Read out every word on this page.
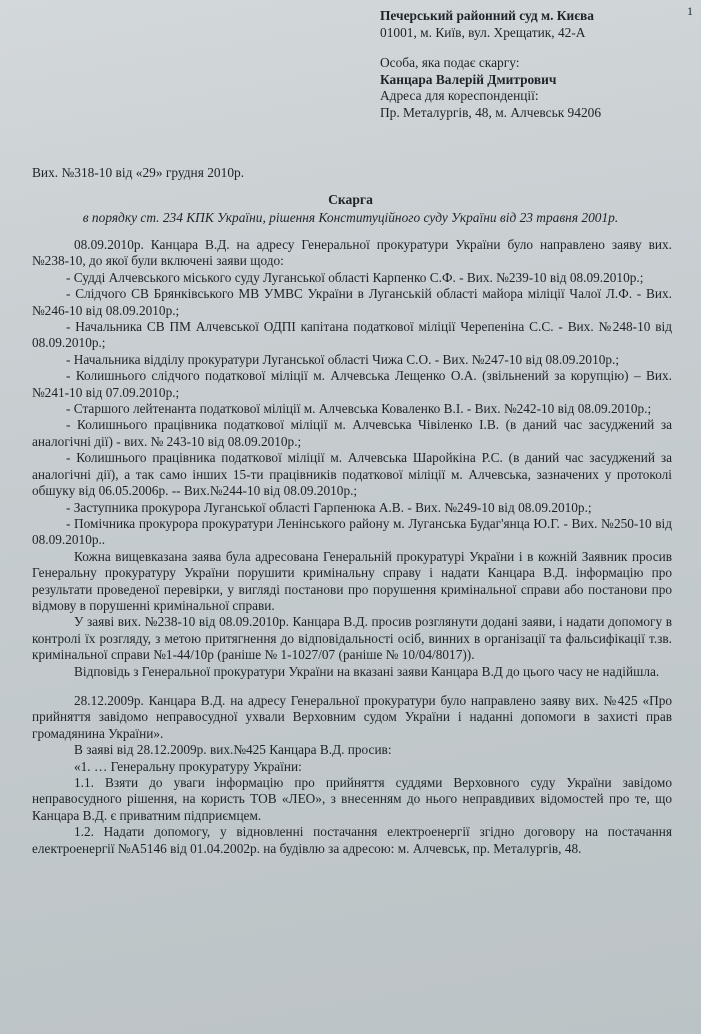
1
Печерський районний суд м. Києва
01001, м. Київ, вул. Хрещатик, 42-А
Особа, яка подає скаргу:
Канцара Валерій Дмитрович
Адреса для кореспонденції:
Пр. Металургів, 48, м. Алчевськ 94206
Вих. №318-10 від «29» грудня 2010р.
Скарга
в порядку ст. 234 КПК України, рішення Конституційного суду України від 23 травня 2001р.

08.09.2010р. Канцара В.Д. на адресу Генеральної прокуратури України було направлено заяву вих. №238-10, до якої були включені заяви щодо:

- Судді Алчевського міського суду Луганської області Карпенко С.Ф. - Вих. №239-10 від 08.09.2010р.;

- Слідчого СВ Брянківського МВ УМВС України в Луганській області майора міліції Чалої Л.Ф. - Вих. №246-10 від 08.09.2010р.;

- Начальника СВ ПМ Алчевської ОДПІ капітана податкової міліції Черепеніна С.С. - Вих. №248-10 від 08.09.2010р.;

- Начальника відділу прокуратури Луганської області Чижа С.О. - Вих. №247-10 від 08.09.2010р.;

- Колишнього слідчого податкової міліції м. Алчевська Лещенко О.А. (звільнений за корупцію) – Вих.№241-10 від 07.09.2010р.;

- Старшого лейтенанта податкової міліції м. Алчевська Коваленко В.І. - Вих. №242-10 від 08.09.2010р.;

- Колишнього працівника податкової міліції м. Алчевська Чівіленко І.В. (в даний час засуджений за аналогічні дії) - вих. № 243-10 від 08.09.2010р.;

- Колишнього працівника податкової міліції м. Алчевська Шаройкіна Р.С. (в даний час засуджений за аналогічні дії), а так само інших 15-ти працівників податкової міліції м. Алчевська, зазначених у протоколі обшуку від 06.05.2006р. -- Вих.№244-10 від 08.09.2010р.;

- Заступника прокурора Луганської області Гарпенюка А.В. - Вих. №249-10 від 08.09.2010р.;

- Помічника прокурора прокуратури Ленінського району м. Луганська Будаг'янца Ю.Г. - Вих. №250-10 від 08.09.2010р..

Кожна вищевказана заява була адресована Генеральній прокуратурі України і в кожній Заявник просив Генеральну прокуратуру України порушити кримінальну справу і надати Канцара В.Д. інформацію про результати проведеної перевірки, у вигляді постанови про порушення кримінальної справи або постанови про відмову в порушенні кримінальної справи.

У заяві вих. №238-10 від 08.09.2010р. Канцара В.Д. просив розглянути додані заяви, і надати допомогу в контролі їх розгляду, з метою притягнення до відповідальності осіб, винних в організації та фальсифікації т.зв. кримінальної справи №1-44/10р (раніше № 1-1027/07 (раніше № 10/04/8017)).

Відповідь з Генеральної прокуратури України на вказані заяви Канцара В.Д до цього часу не надійшла.

28.12.2009р. Канцара В.Д. на адресу Генеральної прокуратури було направлено заяву вих. №425 «Про прийняття завідомо неправосудної ухвали Верховним судом України і наданні допомоги в захисті прав громадянина України».

В заяві від 28.12.2009р. вих.№425 Канцара В.Д. просив:

«1. … Генеральну прокуратуру України:

1.1. Взяти до уваги інформацію про прийняття суддями Верховного суду України завідомо неправосудного рішення, на користь ТОВ «ЛЕО», з внесенням до нього неправдивих відомостей про те, що Канцара В.Д. є приватним підприємцем.

1.2. Надати допомогу, у відновленні постачання електроенергії згідно договору на постачання електроенергії №А5146 від 01.04.2002р. на будівлю за адресою: м. Алчевськ, пр. Металургів, 48.
